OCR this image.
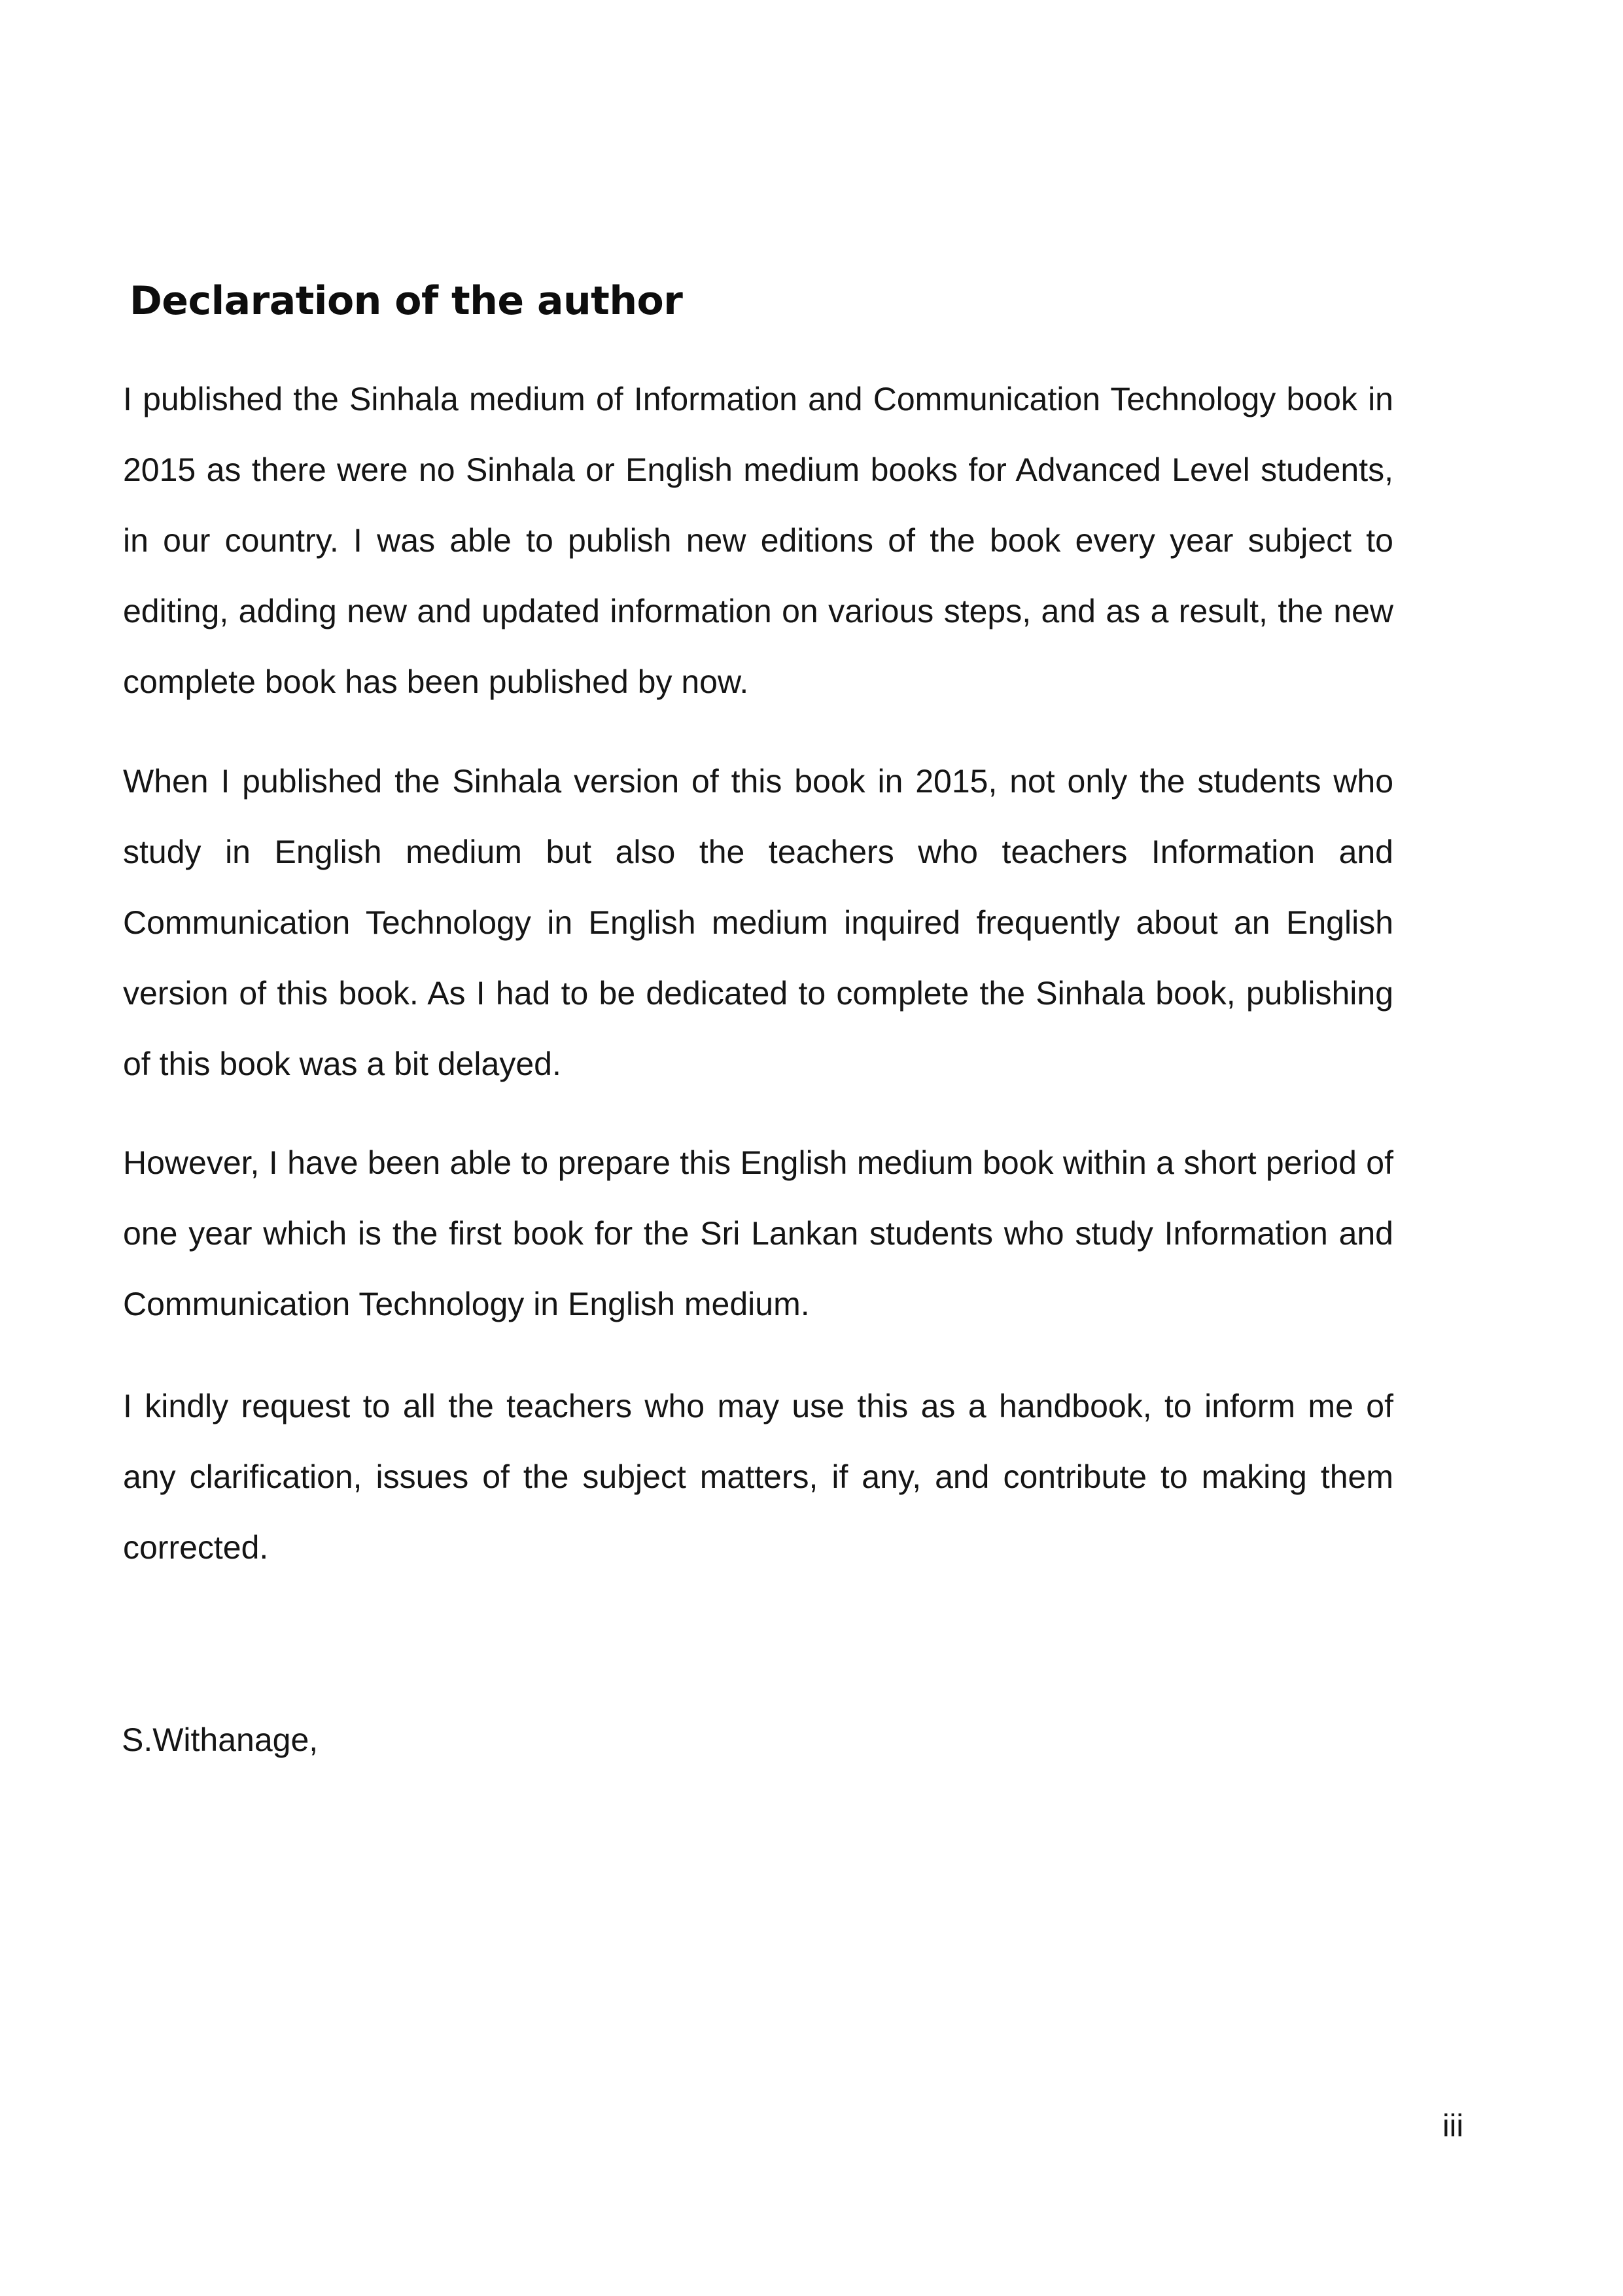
Declaration of the author

I published the Sinhala medium of Information and Communication Technology book in 2015 as there were no Sinhala or English medium books for Advanced Level students, in our country. I was able to publish new editions of the book every year subject to editing, adding new and updated information on various steps, and as a result, the new complete book has been published by now.

When I published the Sinhala version of this book in 2015, not only the students who study in English medium but also the teachers who teachers Information and Communication Technology in English medium inquired frequently about an English version of this book. As I had to be dedicated to complete the Sinhala book, publishing of this book was a bit delayed.

However, I have been able to prepare this English medium book within a short period of one year which is the first book for the Sri Lankan students who study Information and Communication Technology in English medium.

I kindly request to all the teachers who may use this as a handbook, to inform me of any clarification, issues of the subject matters, if any, and contribute to making them corrected.

S.Withanage,

iii
